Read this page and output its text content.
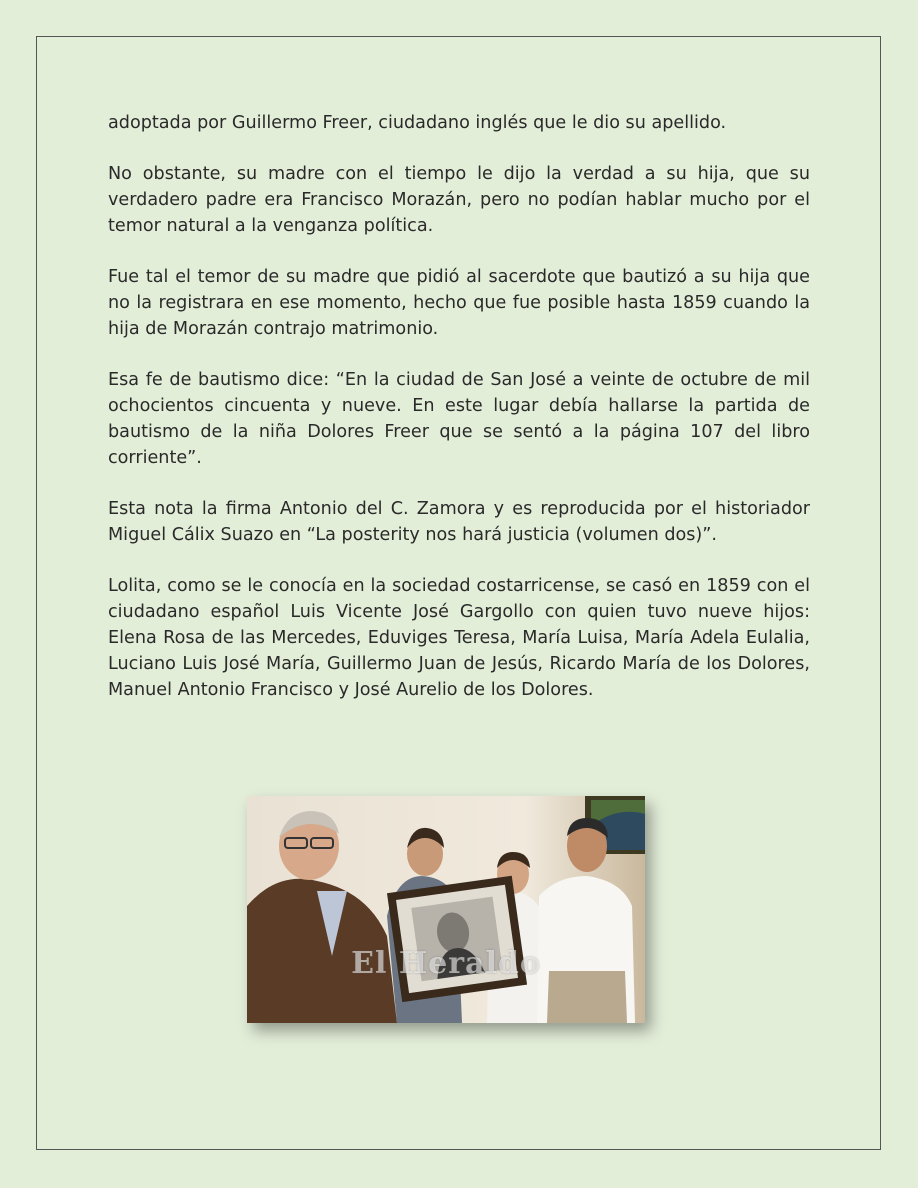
adoptada por Guillermo Freer, ciudadano inglés que le dio su apellido.

No obstante, su madre con el tiempo le dijo la verdad a su hija, que su verdadero padre era Francisco Morazán, pero no podían hablar mucho por el temor natural a la venganza política.

Fue tal el temor de su madre que pidió al sacerdote que bautizó a su hija que no la registrara en ese momento, hecho que fue posible hasta 1859 cuando la hija de Morazán contrajo matrimonio.

Esa fe de bautismo dice: “En la ciudad de San José a veinte de octubre de mil ochocientos cincuenta y nueve. En este lugar debía hallarse la partida de bautismo de la niña Dolores Freer que se sentó a la página 107 del libro corriente”.

Esta nota la firma Antonio del C. Zamora y es reproducida por el historiador Miguel Cálix Suazo en “La posterity nos hará justicia (volumen dos)”.

Lolita, como se le conocía en la sociedad costarricense, se casó en 1859 con el ciudadano español Luis Vicente José Gargollo con quien tuvo nueve hijos: Elena Rosa de las Mercedes, Eduviges Teresa, María Luisa, María Adela Eulalia, Luciano Luis José María, Guillermo Juan de Jesús, Ricardo María de los Dolores, Manuel Antonio Francisco y José Aurelio de los Dolores.

El Heraldo
